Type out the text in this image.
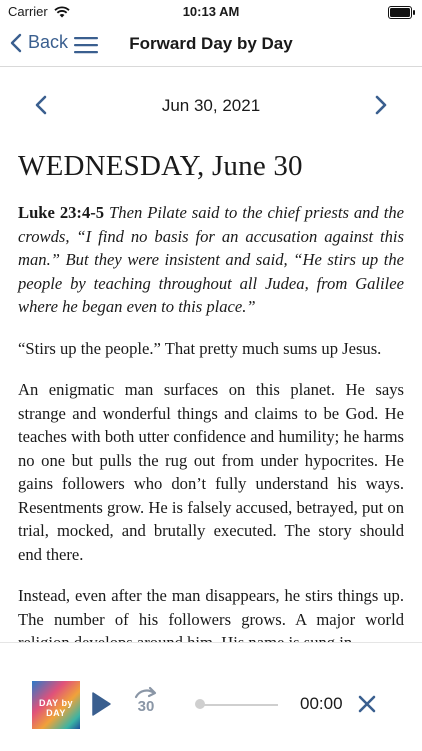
Carrier	10:13 AM
Back	Forward Day by Day
Jun 30, 2021
WEDNESDAY, June 30

Luke 23:4-5 Then Pilate said to the chief priests and the crowds, “I find no basis for an accusation against this man.” But they were insistent and said, “He stirs up the people by teaching throughout all Judea, from Galilee where he began even to this place.”

“Stirs up the people.” That pretty much sums up Jesus.

An enigmatic man surfaces on this planet. He says strange and wonderful things and claims to be God. He teaches with both utter confidence and humility; he harms no one but pulls the rug out from under hypocrites. He gains followers who don’t fully understand his ways. Resentments grow. He is falsely accused, betrayed, put on trial, mocked, and brutally executed. The story should end there.

Instead, even after the man disappears, he stirs things up. The number of his followers grows. A major world

DAY by DAY	30	00:00
